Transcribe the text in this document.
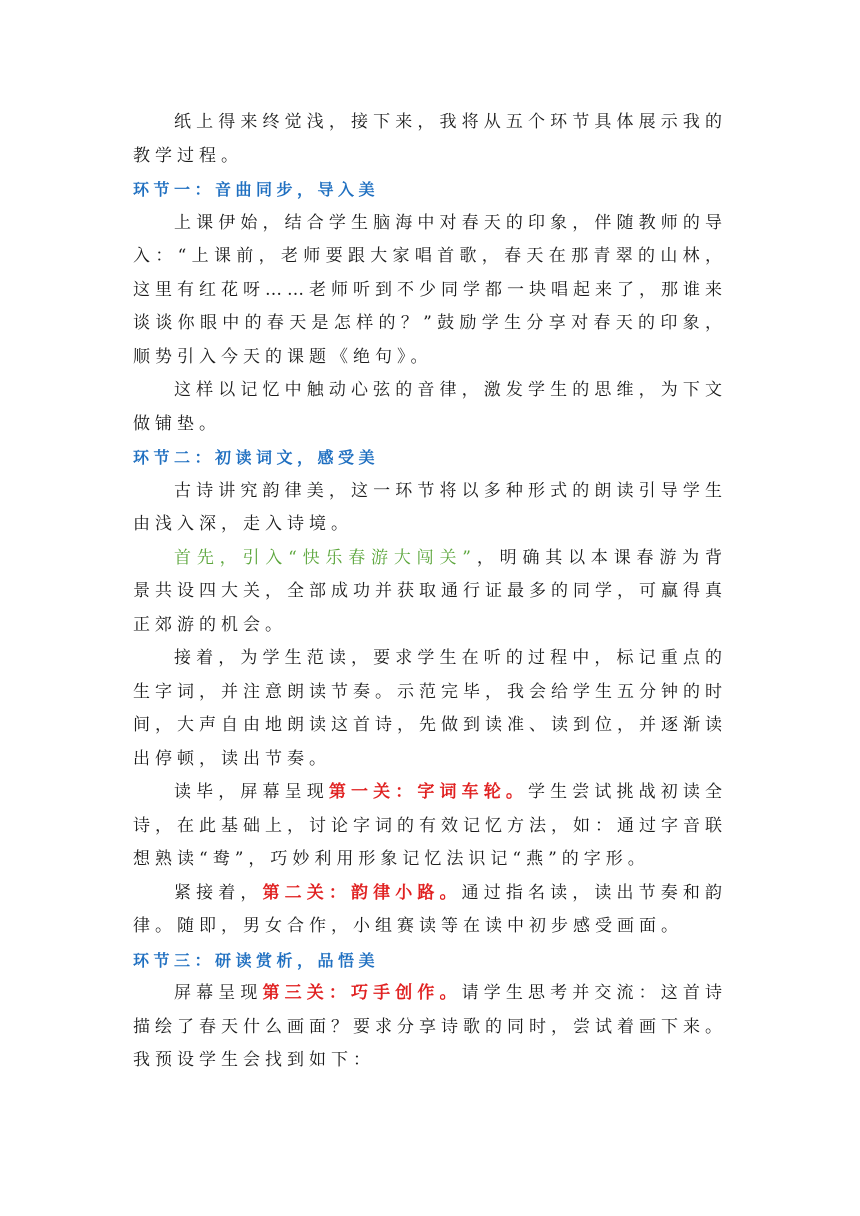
纸上得来终觉浅，接下来，我将从五个环节具体展示我的教学过程。

环节一：音曲同步，导入美

上课伊始，结合学生脑海中对春天的印象，伴随教师的导入：“上课前，老师要跟大家唱首歌，春天在那青翠的山林，这里有红花呀……老师听到不少同学都一块唱起来了，那谁来谈谈你眼中的春天是怎样的？”鼓励学生分享对春天的印象，顺势引入今天的课题《绝句》。

这样以记忆中触动心弦的音律，激发学生的思维，为下文做铺垫。

环节二：初读词文，感受美

古诗讲究韵律美，这一环节将以多种形式的朗读引导学生由浅入深，走入诗境。

首先，引入“快乐春游大闯关”，明确其以本课春游为背景共设四大关，全部成功并获取通行证最多的同学，可赢得真正郊游的机会。

接着，为学生范读，要求学生在听的过程中，标记重点的生字词，并注意朗读节奏。示范完毕，我会给学生五分钟的时间，大声自由地朗读这首诗，先做到读准、读到位，并逐渐读出停顿，读出节奏。

读毕，屏幕呈现第一关：字词车轮。学生尝试挑战初读全诗，在此基础上，讨论字词的有效记忆方法，如：通过字音联想熟读“鸯”，巧妙利用形象记忆法识记“燕”的字形。

紧接着，第二关：韵律小路。通过指名读，读出节奏和韵律。随即，男女合作，小组赛读等在读中初步感受画面。

环节三：研读赏析，品悟美

屏幕呈现第三关：巧手创作。请学生思考并交流：这首诗描绘了春天什么画面？要求分享诗歌的同时，尝试着画下来。我预设学生会找到如下：
